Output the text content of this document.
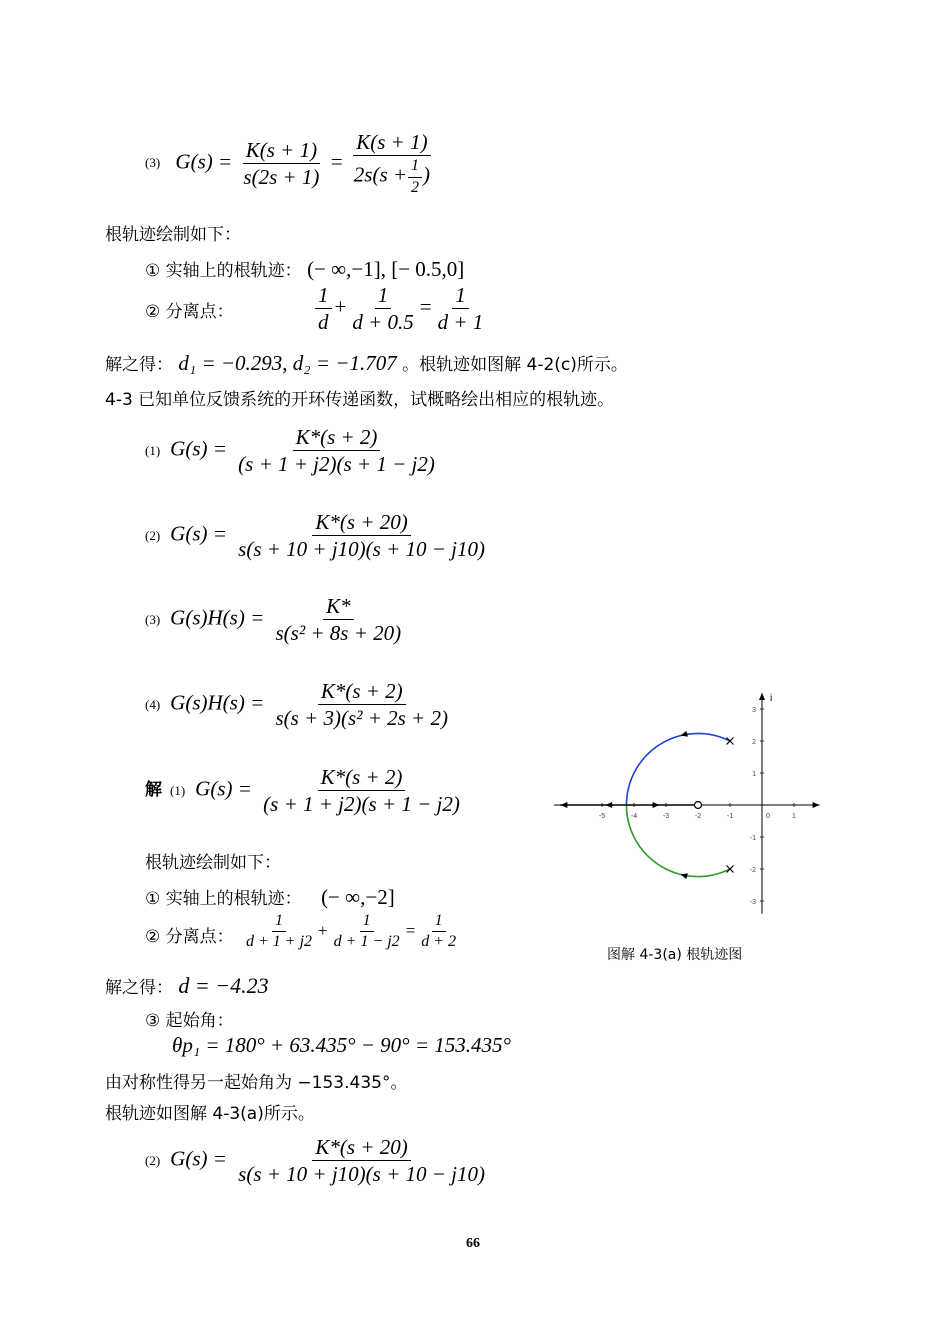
(3) $G(s) = \frac{K(s + 1)}{s(2s + 1)} = \frac{K(s + 1)}{2s(s + \frac{1}{2} )}$
根轨迹绘制如下：
① 实轴上的根轨迹： (− ∞,−1], [− 0.5,0]
② 分离点：	$\frac{1}{d} + \frac{1}{d + 0.5} = \frac{1}{d + 1}$
解之得： d₁ = −0.293, d₂ = −1.707 。根轨迹如图解 4-2(c)所示。
4-3 已知单位反馈系统的开环传递函数，试概略绘出相应的根轨迹。
(1) $G(s) = \frac{K*(s + 2)}{(s + 1 + j2)(s + 1 - j2)}$
(2) $G(s) = \frac{K*(s + 20)}{s(s + 10 + j10)(s + 10 - j10)}$
(3) $G(s)H(s) = \frac{K*}{\text{s(s² + 8s + 20)}}$
(4) $G(s)H(s) = \frac{K*(s + 2)}{\text{s(s + 3)(s² + 2s + 2)}}$
解 (1) $G(s) = \frac{K*(s + 2)}{(s + 1 + j2)(s + 1 - j2)}$
根轨迹绘制如下：
① 实轴上的根轨迹： (− ∞,−2]
② 分离点： $\frac{1}{d + 1 + j2} + \frac{1}{d + 1 - j2} = \frac{1}{d + 2}$
解之得： d = −4.23
③ 起始角：
θp₁ = 180° + 63.435° − 90° = 153.435°
由对称性得另一起始角为 −153.435°。
根轨迹如图解 4-3(a)所示。
(2) $G(s) = \frac{K*(s + 20)}{s(s + 10 + j10)(s + 10 - j10)}$
66
i
-5	-4	-3	-2	-1	0	1
3
2
1
-1
-2
-3
图解 4-3(a) 根轨迹图
